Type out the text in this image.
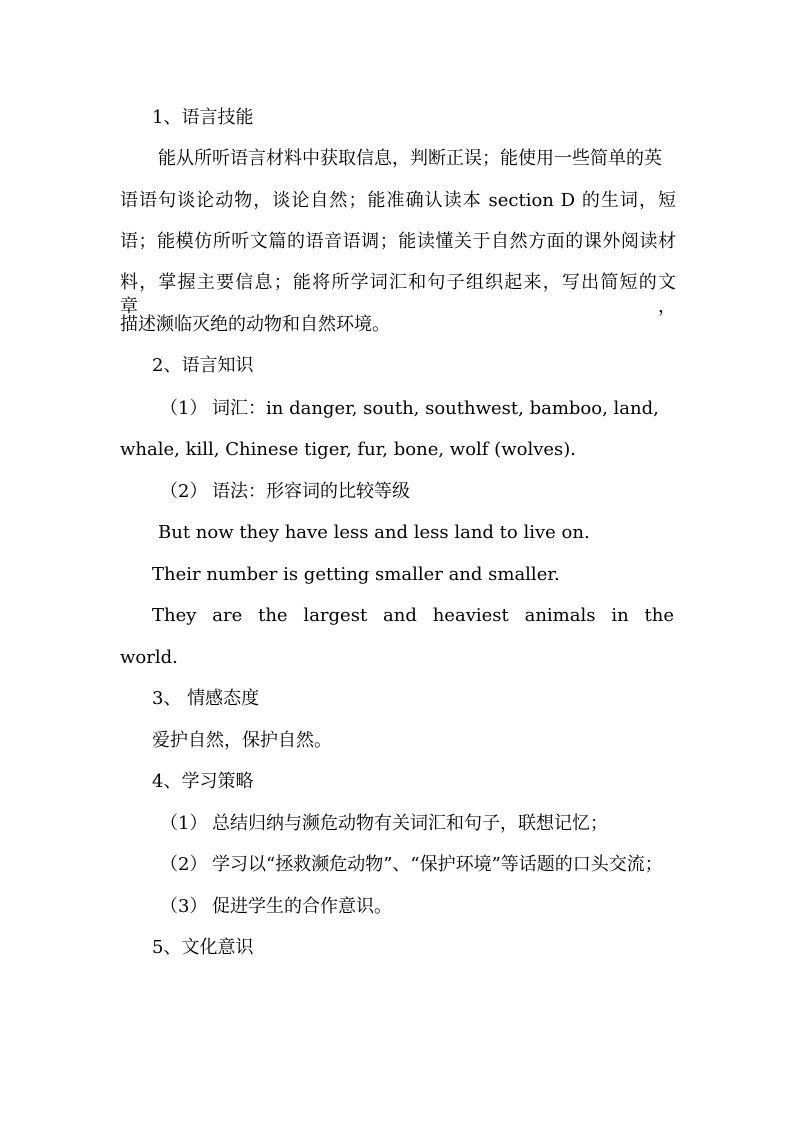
1、语言技能
能从所听语言材料中获取信息，判断正误；能使用一些简单的英
语语句谈论动物，谈论自然；能准确认读本 section D 的生词，短
语；能模仿所听文篇的语音语调；能读懂关于自然方面的课外阅读材
料，掌握主要信息；能将所学词汇和句子组织起来，写出简短的文章，
描述濒临灭绝的动物和自然环境。
2、语言知识
（1） 词汇：in danger, south, southwest, bamboo, land,
whale, kill, Chinese tiger, fur, bone, wolf (wolves).
（2） 语法：形容词的比较等级
But now they have less and less land to live on.
Their number is getting smaller and smaller.
They are the largest and heaviest animals in the
world.
3、 情感态度
爱护自然，保护自然。
4、学习策略
（1） 总结归纳与濒危动物有关词汇和句子，联想记忆；
（2） 学习以“拯救濒危动物”、“保护环境”等话题的口头交流；
（3） 促进学生的合作意识。
5、文化意识
